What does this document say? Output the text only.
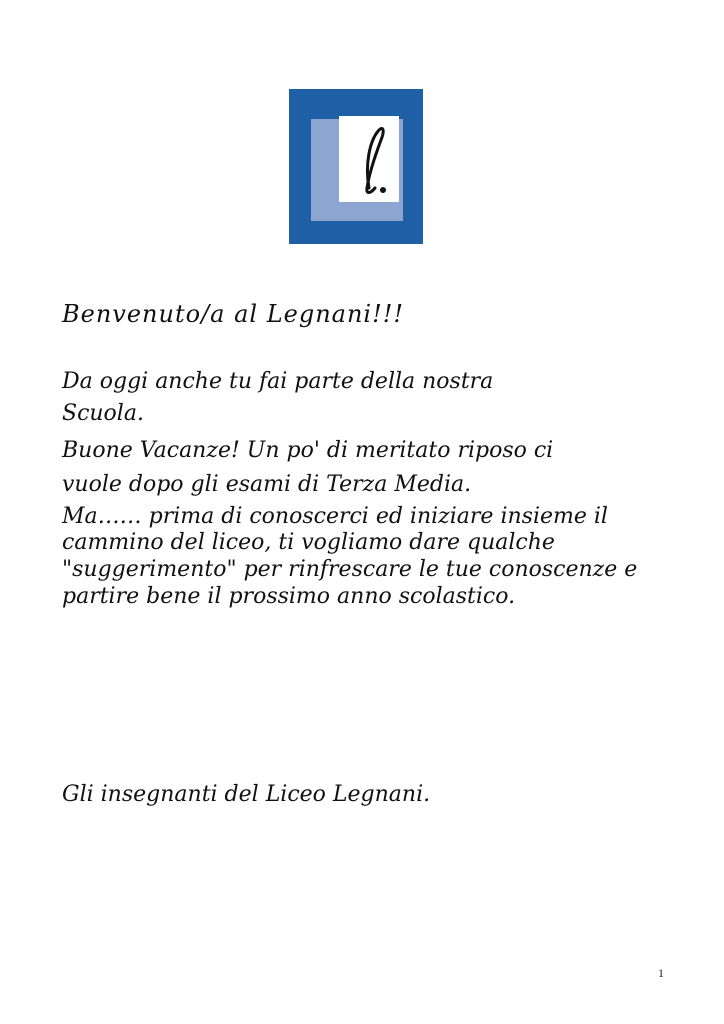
Benvenuto/a al Legnani!!!
Da oggi anche tu fai parte della nostra
Scuola.
Buone Vacanze! Un po' di meritato riposo ci
vuole dopo gli esami di Terza Media.
Ma…… prima di conoscerci ed iniziare insieme il
cammino del liceo, ti vogliamo dare qualche
"suggerimento" per rinfrescare le tue conoscenze e
partire bene il prossimo anno scolastico.
Gli insegnanti del Liceo Legnani.
1
